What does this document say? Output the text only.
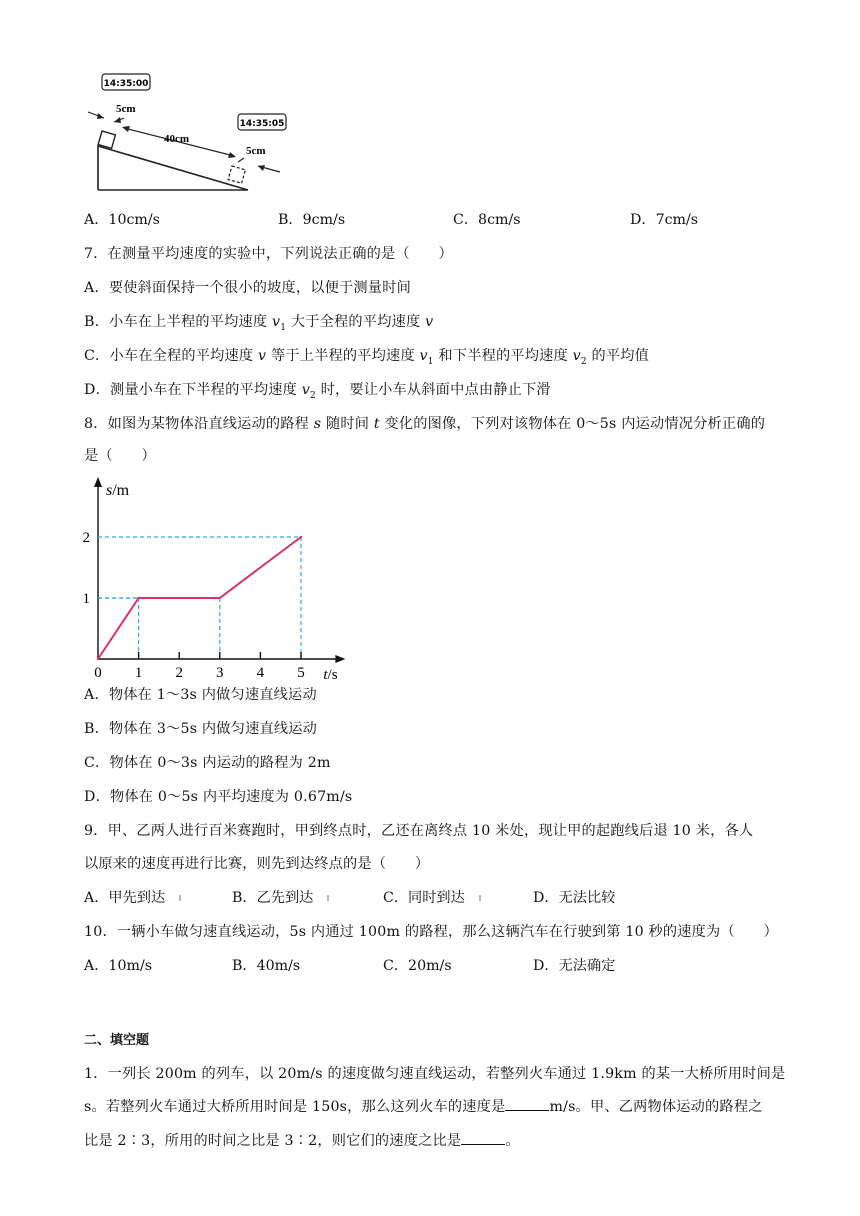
14:35:00
14:35:05
5cm
40cm
5cm
A．10cm/s	B．9cm/s	C．8cm/s	D．7cm/s
7．在测量平均速度的实验中，下列说法正确的是（　　）
A．要使斜面保持一个很小的坡度，以便于测量时间
B．小车在上半程的平均速度 $v_1$ 大于全程的平均速度 v
C．小车在全程的平均速度 v 等于上半程的平均速度 $v_1$ 和下半程的平均速度 $v_2$ 的平均值
D．测量小车在下半程的平均速度 $v_2$ 时，要让小车从斜面中点由静止下滑
8．如图为某物体沿直线运动的路程 s 随时间 t 变化的图像，下列对该物体在 0～5s 内运动情况分析正确的
是（　　）
0 1 2 3 4 5
1
2
t/s
s/m
A．物体在 1～3s 内做匀速直线运动
B．物体在 3～5s 内做匀速直线运动
C．物体在 0～3s 内运动的路程为 2m
D．物体在 0～5s 内平均速度为 0.67m/s
9．甲、乙两人进行百米赛跑时，甲到终点时，乙还在离终点 10 米处，现让甲的起跑线后退 10 米，各人
以原来的速度再进行比赛，则先到达终点的是（　　）
A．甲先到达	B．乙先到达	C．同时到达	D．无法比较
10．一辆小车做匀速直线运动，5s 内通过 100m 的路程，那么这辆汽车在行驶到第 10 秒的速度为（　　）
A．10m/s	B．40m/s	C．20m/s	D．无法确定
二、填空题
1．一列长 200m 的列车，以 20m/s 的速度做匀速直线运动，若整列火车通过 1.9km 的某一大桥所用时间是
s。若整列火车通过大桥所用时间是 150s，那么这列火车的速度是	m/s。甲、乙两物体运动的路程之
比是 2∶3，所用的时间之比是 3∶2，则它们的速度之比是	。
